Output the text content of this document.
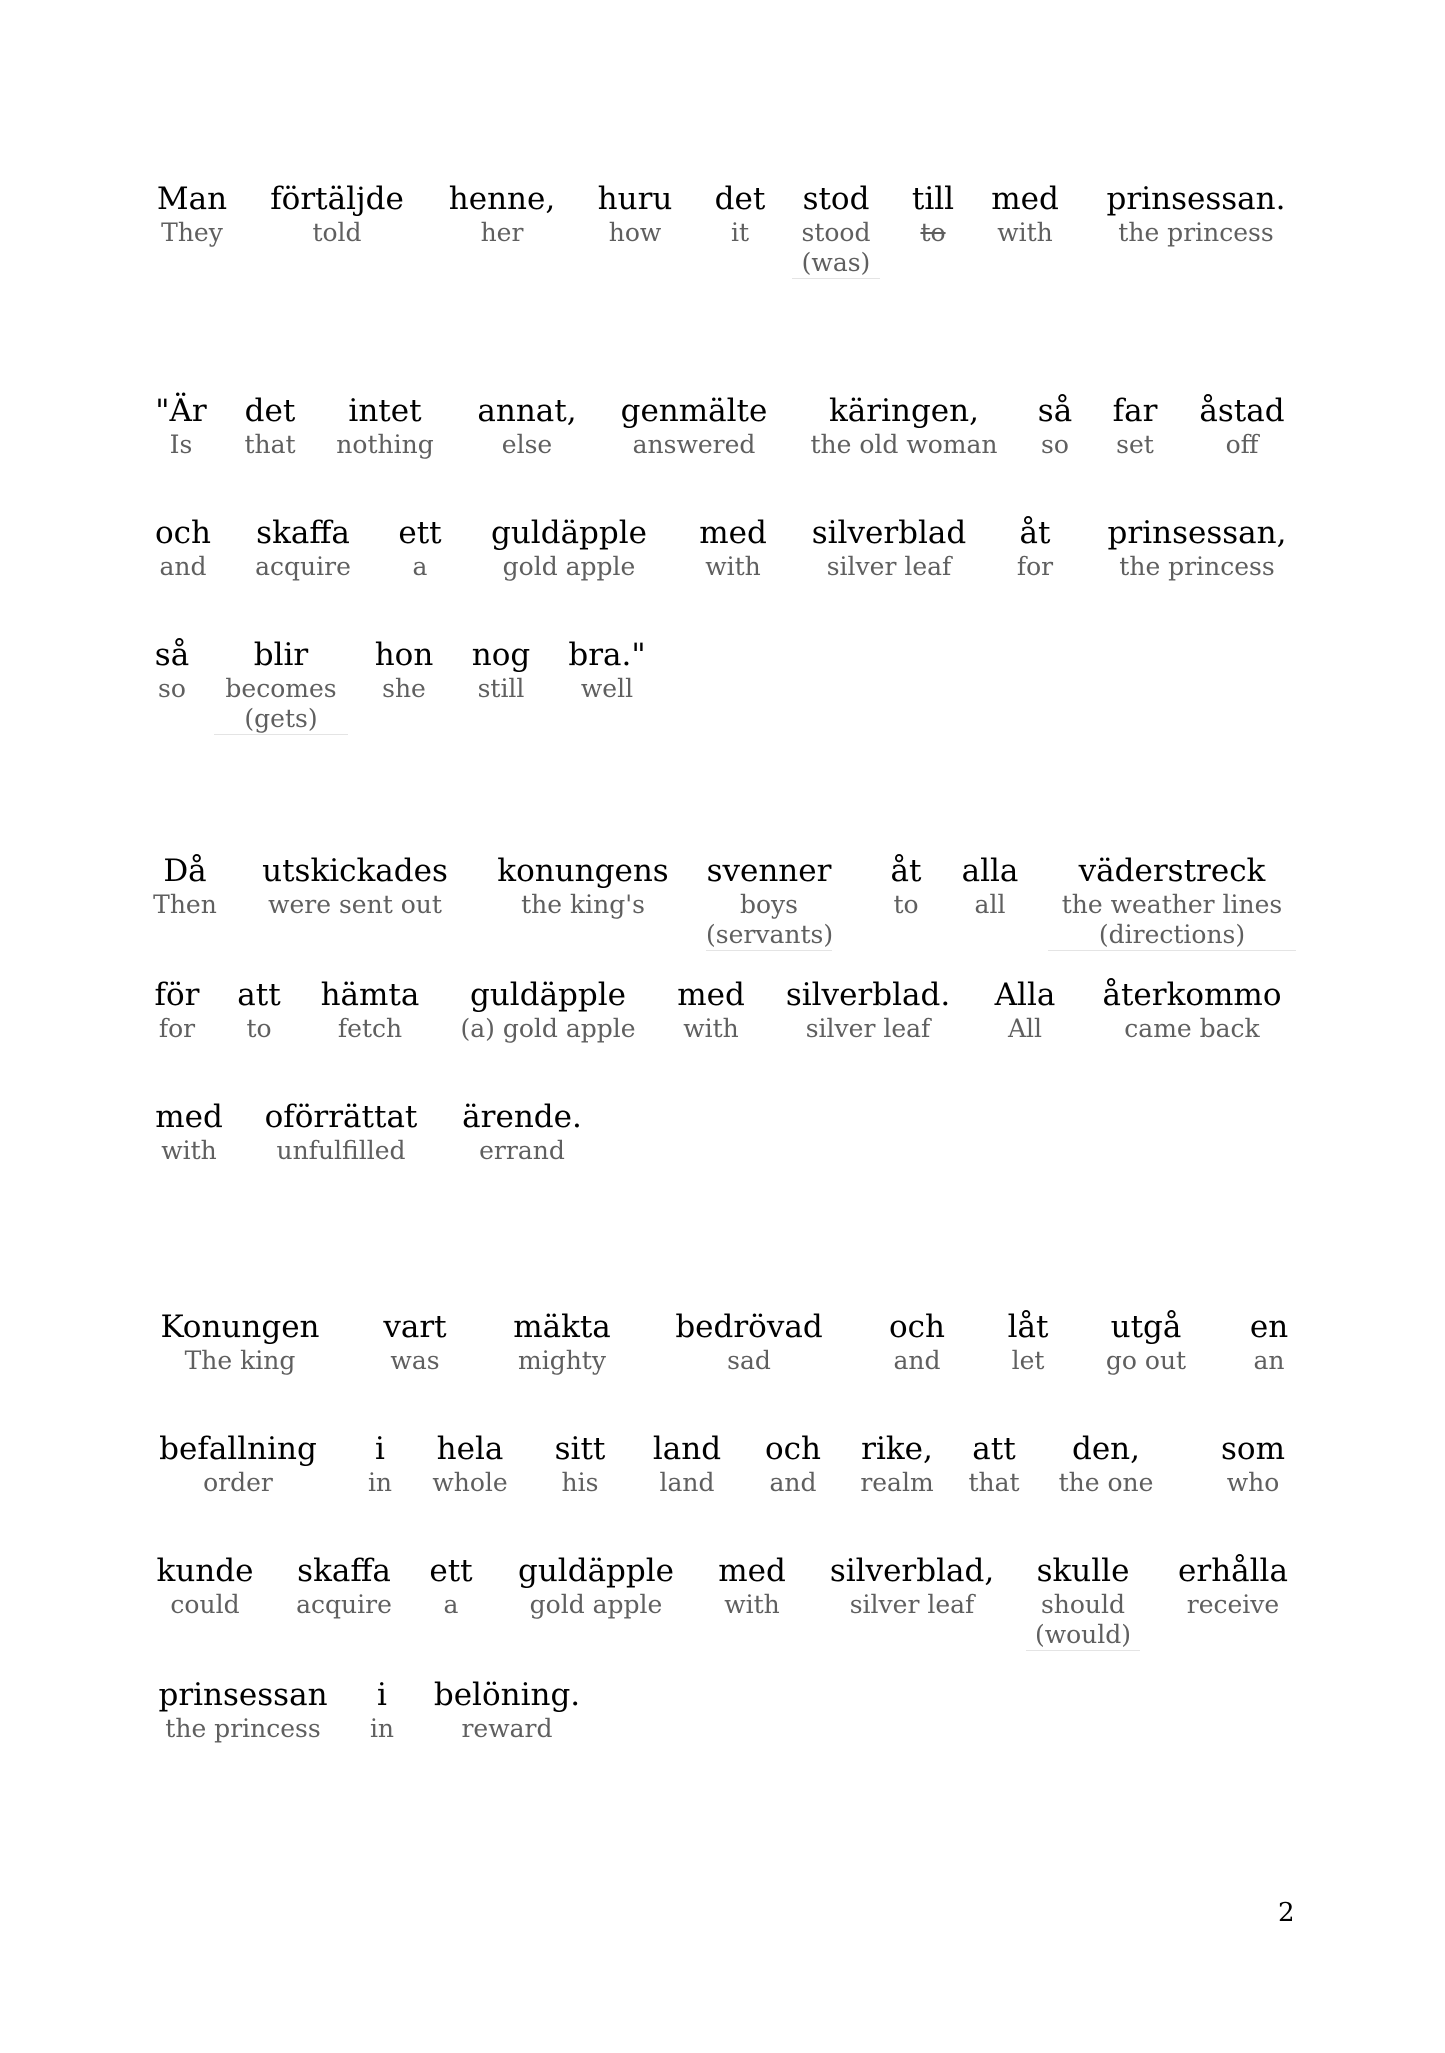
Man
They
förtäljde
told
henne,
her
huru
how
det
it
stod
stood
(was)
till
to
med
with
prinsessan.
the princess
"Är
Is
det
that
intet
nothing
annat,
else
genmälte
answered
käringen,
the old woman
så
so
far
set
åstad
off
och
and
skaffa
acquire
ett
a
guldäpple
gold apple
med
with
silverblad
silver leaf
åt
for
prinsessan,
the princess
så
so
blir
becomes
(gets)
hon
she
nog
still
bra."
well
Då
Then
utskickades
were sent out
konungens
the king's
svenner
boys
(servants)
åt
to
alla
all
väderstreck
the weather lines
(directions)
för
for
att
to
hämta
fetch
guldäpple
(a) gold apple
med
with
silverblad.
silver leaf
Alla
All
återkommo
came back
med
with
oförrättat
unfulfilled
ärende.
errand
Konungen
The king
vart
was
mäkta
mighty
bedrövad
sad
och
and
låt
let
utgå
go out
en
an
befallning
order
i
in
hela
whole
sitt
his
land
land
och
and
rike,
realm
att
that
den,
the one
som
who
kunde
could
skaffa
acquire
ett
a
guldäpple
gold apple
med
with
silverblad,
silver leaf
skulle
should
(would)
erhålla
receive
prinsessan
the princess
i
in
belöning.
reward
2
